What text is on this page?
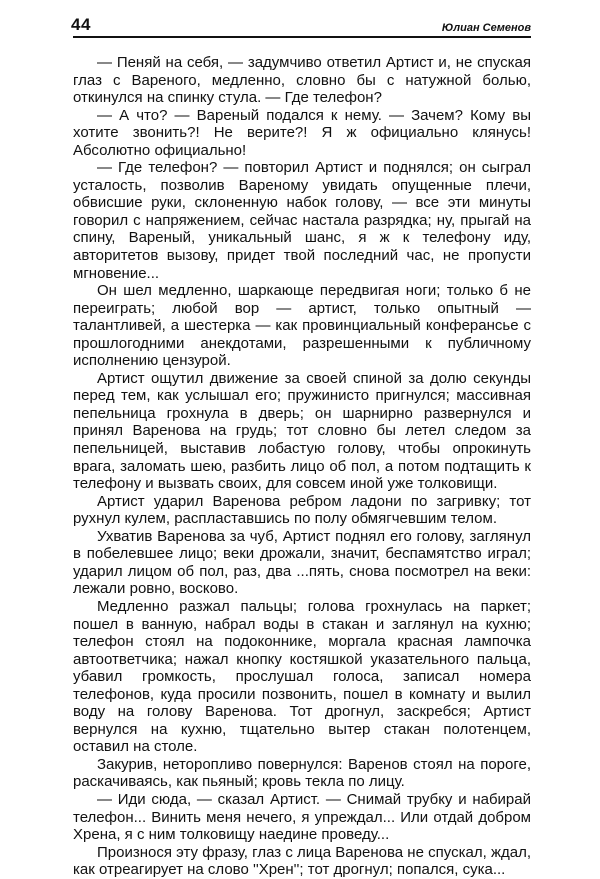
44	Юлиан Семенов

— Пеняй на себя, — задумчиво ответил Артист и, не спуская глаз с Вареного, медленно, словно бы с натужной болью, откинулся на спинку стула. — Где телефон?

— А что? — Вареный подался к нему. — Зачем? Кому вы хотите звонить?! Не верите?! Я ж официально клянусь! Абсолютно официально!

— Где телефон? — повторил Артист и поднялся; он сыграл усталость, позволив Вареному увидать опущенные плечи, обвисшие руки, склоненную набок голову, — все эти минуты говорил с напряжением, сейчас настала разрядка; ну, прыгай на спину, Вареный, уникальный шанс, я ж к телефону иду, авторитетов вызову, придет твой последний час, не пропусти мгновение...

Он шел медленно, шаркающе передвигая ноги; только б не переиграть; любой вор — артист, только опытный — талантливей, а шестерка — как провинциальный конферансье с прошлогодними анекдотами, разрешенными к публичному исполнению цензурой.

Артист ощутил движение за своей спиной за долю секунды перед тем, как услышал его; пружинисто пригнулся; массивная пепельница грохнула в дверь; он шарнирно развернулся и принял Варенова на грудь; тот словно бы летел следом за пепельницей, выставив лобастую голову, чтобы опрокинуть врага, заломать шею, разбить лицо об пол, а потом подтащить к телефону и вызвать своих, для совсем иной уже толковищи.

Артист ударил Варенова ребром ладони по загривку; тот рухнул кулем, распластавшись по полу обмягчевшим телом.

Ухватив Варенова за чуб, Артист поднял его голову, заглянул в побелевшее лицо; веки дрожали, значит, беспамятство играл; ударил лицом об пол, раз, два ...пять, снова посмотрел на веки: лежали ровно, восково.

Медленно разжал пальцы; голова грохнулась на паркет; пошел в ванную, набрал воды в стакан и заглянул на кухню; телефон стоял на подоконнике, моргала красная лампочка автоответчика; нажал кнопку костяшкой указательного пальца, убавил громкость, прослушал голоса, записал номера телефонов, куда просили позвонить, пошел в комнату и вылил воду на голову Варенова. Тот дрогнул, заскребся; Артист вернулся на кухню, тщательно вытер стакан полотенцем, оставил на столе.

Закурив, неторопливо повернулся: Варенов стоял на пороге, раскачиваясь, как пьяный; кровь текла по лицу.

— Иди сюда, — сказал Артист. — Снимай трубку и набирай телефон... Винить меня нечего, я упреждал... Или отдай добром Хрена, я с ним толковищу наедине проведу...

Произнося эту фразу, глаз с лица Варенова не спускал, ждал, как отреагирует на слово ''Хрен''; тот дрогнул; попался, сука...
